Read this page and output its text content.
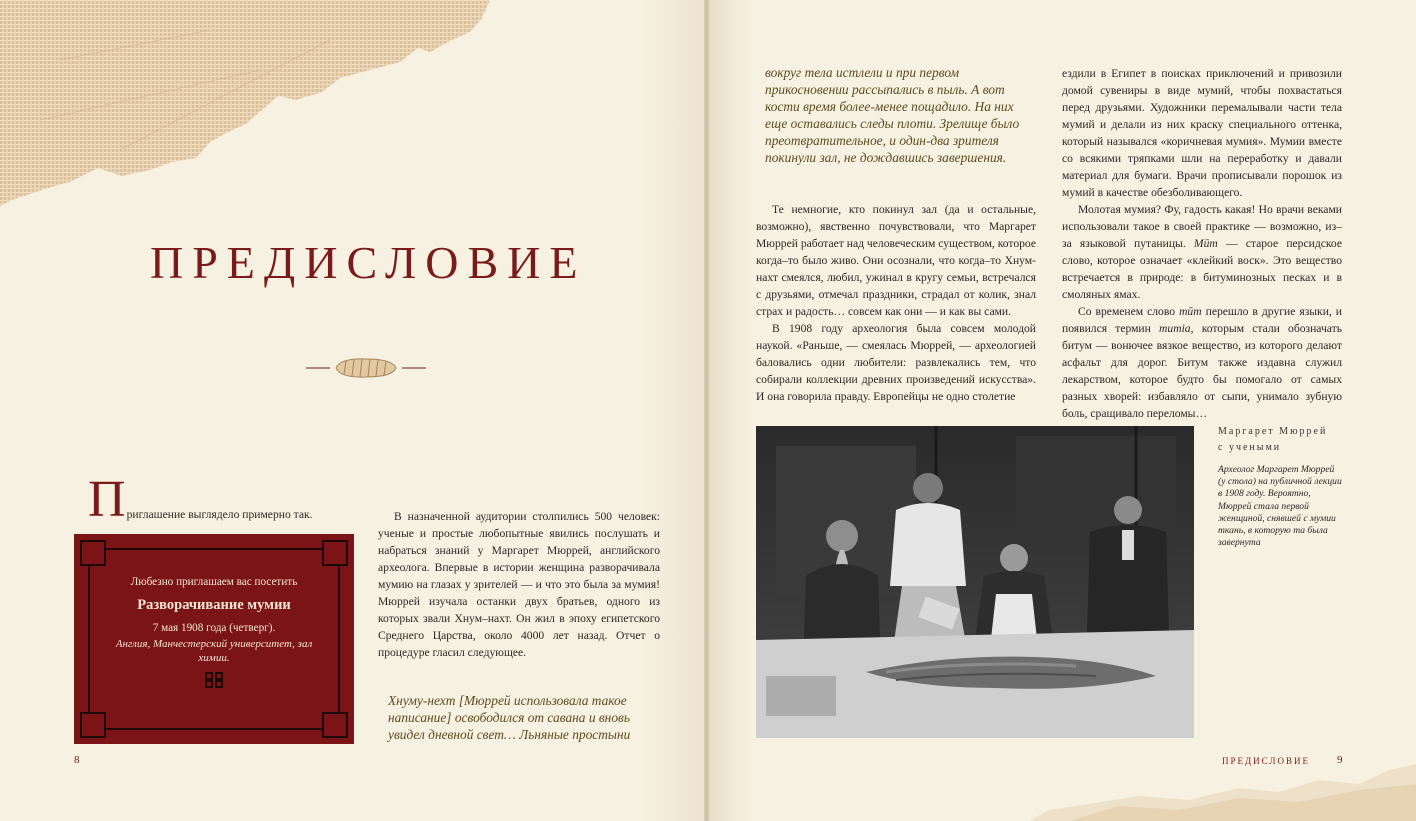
ПРЕДИСЛОВИЕ
П риглашение выглядело примерно так.
Любезно приглашаем вас посетить
Разворачивание мумии
7 мая 1908 года (четверг).
Англия, Манчестерский университет, зал химии.

В назначенной аудитории столпились 500 человек: ученые и простые любопытные явились послушать и набраться знаний у Маргарет Мюррей, английского археолога. Впервые в истории женщина разворачивала мумию на глазах у зрителей — и что это была за мумия! Мюррей изучала останки двух братьев, одного из которых звали Хнум–нахт. Он жил в эпоху египетского Среднего Царства, около 4000 лет назад. Отчет о процедуре гласил следующее.

Хнуму-нехт [Мюррей использовала такое написание] освободился от савана и вновь увидел дневной свет… Льняные простыни

8

вокруг тела истлели и при первом прикосновении рассыпались в пыль. А вот кости время более-менее пощадило. На них еще оставались следы плоти. Зрелище было преотвратительное, и один-два зрителя покинули зал, не дождавшись завершения.

Те немногие, кто покинул зал (да и остальные, возможно), явственно почувствовали, что Маргарет Мюррей работает над человеческим существом, которое когда–то было живо. Они осознали, что когда–то Хнум-нахт смеялся, любил, ужинал в кругу семьи, встречался с друзьями, отмечал праздники, страдал от колик, знал страх и радость… совсем как они — и как вы сами.

В 1908 году археология была совсем молодой наукой. «Раньше, — смеялась Мюррей, — археологией баловались одни любители: развлекались тем, что собирали коллекции древних произведений искусства». И она говорила правду. Европейцы не одно столетие

ездили в Египет в поисках приключений и привозили домой сувениры в виде мумий, чтобы похвастаться перед друзьями. Художники перемалывали части тела мумий и делали из них краску специального оттенка, который назывался «коричневая мумия». Мумии вместе со всякими тряпками шли на переработку и давали материал для бумаги. Врачи прописывали порошок из мумий в качестве обезболивающего.

Молотая мумия? Фу, гадость какая! Но врачи веками использовали такое в своей практике — возможно, из–за языковой путаницы. Mūm — старое персидское слово, которое означает «клейкий воск». Это вещество встречается в природе: в битуминозных песках и в смоляных ямах.

Со временем слово mūm перешло в другие языки, и появился термин mumia, которым стали обозначать битум — вонючее вязкое вещество, из которого делают асфальт для дорог. Битум также издавна служил лекарством, которое будто бы помогало от самых разных хворей: избавляло от сыпи, унимало зубную боль, сращивало переломы…

Маргарет Мюррей с учеными
Археолог Маргарет Мюррей (у стола) на публичной лекции в 1908 году. Вероятно, Мюррей стала первой женщиной, снявшей с мумии ткань, в которую та была завернута
ПРЕДИСЛОВИЕ 9
